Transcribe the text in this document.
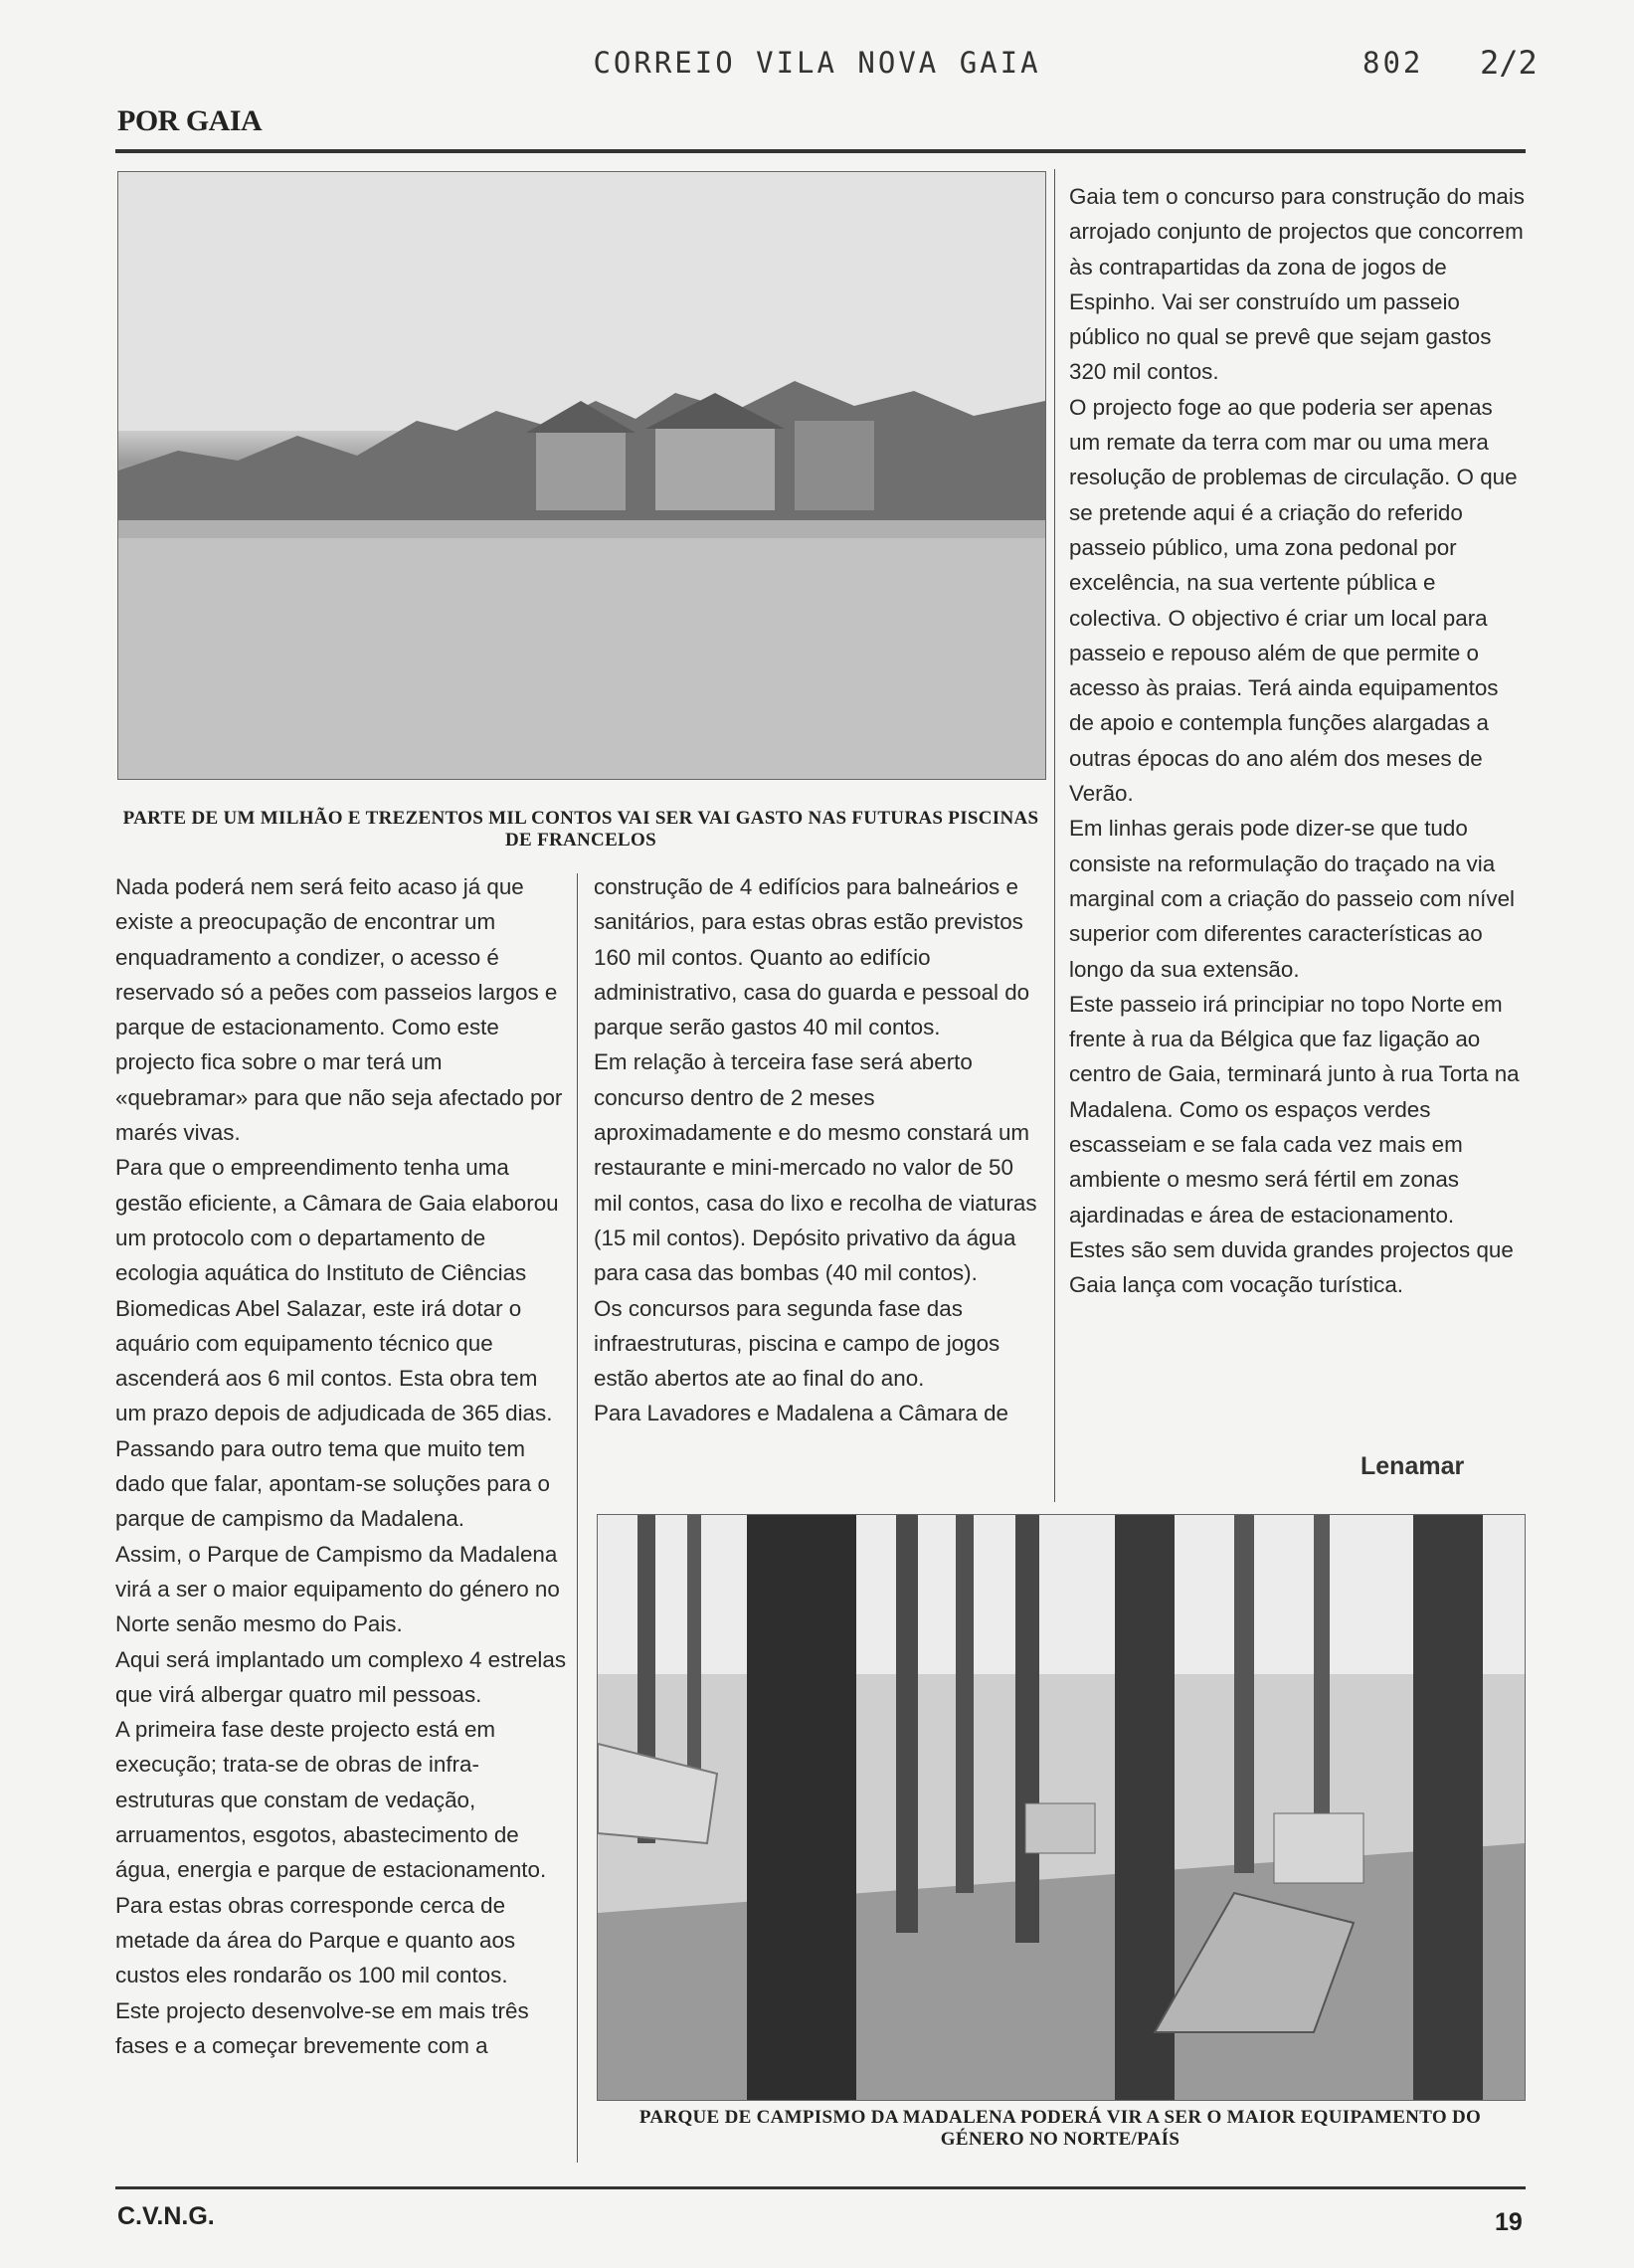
CORREIO VILA NOVA GAIA	802 2/2
POR GAIA
PARTE DE UM MILHÃO E TREZENTOS MIL CONTOS VAI SER VAI GASTO NAS FUTURAS PISCINAS DE FRANCELOS

Nada poderá nem será feito acaso já que existe a preocupação de encontrar um enquadramento a condizer, o acesso é reservado só a peões com passeios largos e parque de estacionamento. Como este projecto fica sobre o mar terá um «quebramar» para que não seja afectado por marés vivas.

Para que o empreendimento tenha uma gestão eficiente, a Câmara de Gaia elaborou um protocolo com o departamento de ecologia aquática do Instituto de Ciências Biomedicas Abel Salazar, este irá dotar o aquário com equipamento técnico que ascenderá aos 6 mil contos. Esta obra tem um prazo depois de adjudicada de 365 dias.

Passando para outro tema que muito tem dado que falar, apontam-se soluções para o parque de campismo da Madalena.

Assim, o Parque de Campismo da Madalena virá a ser o maior equipamento do género no Norte senão mesmo do Pais.

Aqui será implantado um complexo 4 estrelas que virá albergar quatro mil pessoas.

A primeira fase deste projecto está em execução; trata-se de obras de infra-estruturas que constam de vedação, arruamentos, esgotos, abastecimento de água, energia e parque de estacionamento. Para estas obras corresponde cerca de metade da área do Parque e quanto aos custos eles rondarão os 100 mil contos.

Este projecto desenvolve-se em mais três fases e a começar brevemente com a

construção de 4 edifícios para balneários e sanitários, para estas obras estão previstos 160 mil contos. Quanto ao edifício administrativo, casa do guarda e pessoal do parque serão gastos 40 mil contos.

Em relação à terceira fase será aberto concurso dentro de 2 meses aproximadamente e do mesmo constará um restaurante e mini-mercado no valor de 50 mil contos, casa do lixo e recolha de viaturas (15 mil contos). Depósito privativo da água para casa das bombas (40 mil contos).

Os concursos para segunda fase das infraestruturas, piscina e campo de jogos estão abertos ate ao final do ano.

Para Lavadores e Madalena a Câmara de

Gaia tem o concurso para construção do mais arrojado conjunto de projectos que concorrem às contrapartidas da zona de jogos de Espinho. Vai ser construído um passeio público no qual se prevê que sejam gastos 320 mil contos.

O projecto foge ao que poderia ser apenas um remate da terra com mar ou uma mera resolução de problemas de circulação. O que se pretende aqui é a criação do referido passeio público, uma zona pedonal por excelência, na sua vertente pública e colectiva. O objectivo é criar um local para passeio e repouso além de que permite o acesso às praias. Terá ainda equipamentos de apoio e contempla funções alargadas a outras épocas do ano além dos meses de Verão.

Em linhas gerais pode dizer-se que tudo consiste na reformulação do traçado na via marginal com a criação do passeio com nível superior com diferentes características ao longo da sua extensão.

Este passeio irá principiar no topo Norte em frente à rua da Bélgica que faz ligação ao centro de Gaia, terminará junto à rua Torta na Madalena. Como os espaços verdes escasseiam e se fala cada vez mais em ambiente o mesmo será fértil em zonas ajardinadas e área de estacionamento.

Estes são sem duvida grandes projectos que Gaia lança com vocação turística.

Lenamar
PARQUE DE CAMPISMO DA MADALENA PODERÁ VIR A SER O MAIOR EQUIPAMENTO DO GÉNERO NO NORTE/PAÍS
C.V.N.G.	19
